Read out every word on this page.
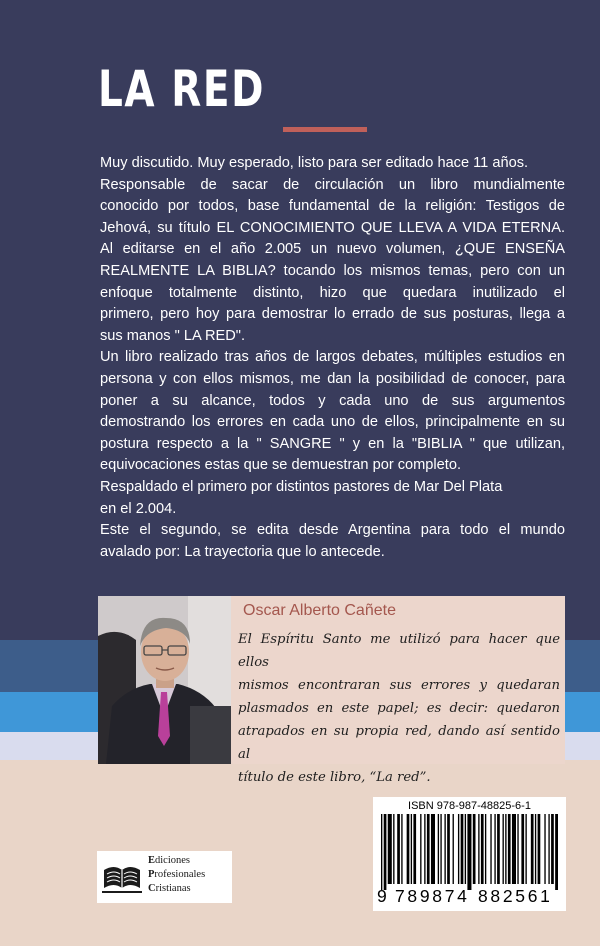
LA RED

Muy discutido. Muy esperado, listo para ser editado hace 11 años.

Responsable de sacar de circulación un libro mundialmente

conocido por todos, base fundamental de la religión: Testigos de

Jehová, su título EL CONOCIMIENTO QUE LLEVA A VIDA ETERNA.

Al editarse en el año 2.005 un nuevo volumen, ¿QUE ENSEÑA

REALMENTE LA BIBLIA? tocando los mismos temas, pero con un

enfoque totalmente distinto, hizo que quedara inutilizado el

primero, pero hoy para demostrar lo errado de sus posturas, llega a

sus manos " LA RED".

Un libro realizado tras años de largos debates, múltiples estudios en

persona y con ellos mismos, me dan la posibilidad de conocer, para

poner a su alcance, todos y cada uno de sus argumentos

demostrando los errores en cada uno de ellos, principalmente en su

postura respecto a la " SANGRE " y en la "BIBLIA " que utilizan,

equivocaciones estas que se demuestran por completo.

Respaldado el primero por distintos pastores de Mar Del Plata

en el 2.004.

Este el segundo, se edita desde Argentina para todo el mundo

avalado por: La trayectoria que lo antecede.

Oscar Alberto Cañete

El Espíritu Santo me utilizó para hacer que ellos

mismos encontraran sus errores y quedaran

plasmados en este papel; es decir: quedaron

atrapados en su propia red, dando así sentido al

título de este libro, “La red”.

ISBN 978-987-48825-6-1
9 789874 882561
Ediciones
Profesionales
Cristianas
